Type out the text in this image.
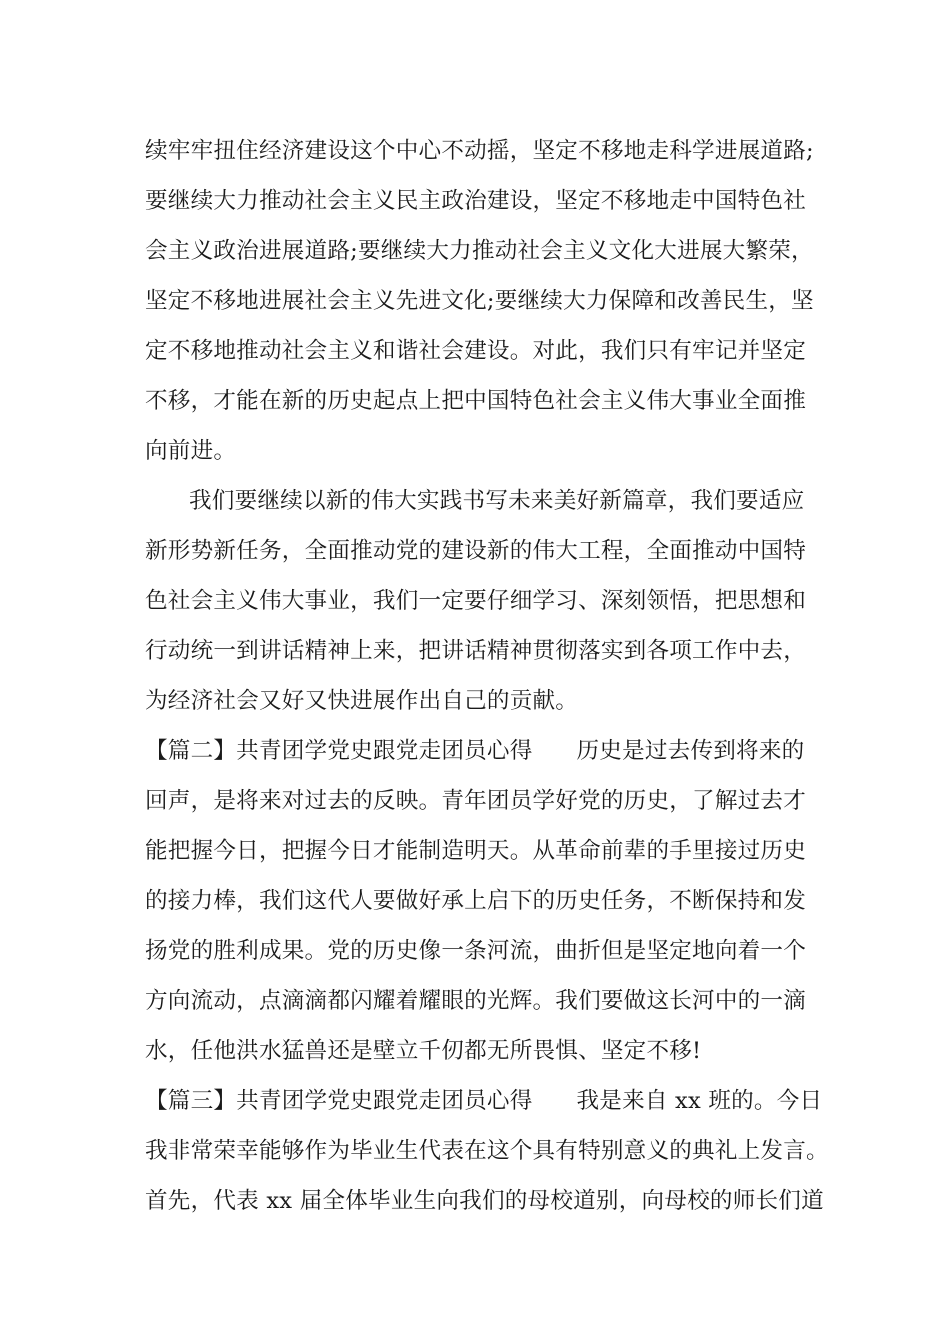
续牢牢扭住经济建设这个中心不动摇，坚定不移地走科学进展道路;
要继续大力推动社会主义民主政治建设，坚定不移地走中国特色社
会主义政治进展道路;要继续大力推动社会主义文化大进展大繁荣，
坚定不移地进展社会主义先进文化;要继续大力保障和改善民生，坚
定不移地推动社会主义和谐社会建设。对此，我们只有牢记并坚定
不移，才能在新的历史起点上把中国特色社会主义伟大事业全面推
向前进。
我们要继续以新的伟大实践书写未来美好新篇章，我们要适应
新形势新任务，全面推动党的建设新的伟大工程，全面推动中国特
色社会主义伟大事业，我们一定要仔细学习、深刻领悟，把思想和
行动统一到讲话精神上来，把讲话精神贯彻落实到各项工作中去，
为经济社会又好又快进展作出自己的贡献。
【篇二】共青团学党史跟党走团员心得 历史是过去传到将来的
回声，是将来对过去的反映。青年团员学好党的历史，了解过去才
能把握今日，把握今日才能制造明天。从革命前辈的手里接过历史
的接力棒，我们这代人要做好承上启下的历史任务，不断保持和发
扬党的胜利成果。党的历史像一条河流，曲折但是坚定地向着一个
方向流动，点滴滴都闪耀着耀眼的光辉。我们要做这长河中的一滴
水，任他洪水猛兽还是壁立千仞都无所畏惧、坚定不移!
【篇三】共青团学党史跟党走团员心得 我是来自 xx 班的。今日
我非常荣幸能够作为毕业生代表在这个具有特别意义的典礼上发言。
首先，代表 xx 届全体毕业生向我们的母校道别，向母校的师长们道
